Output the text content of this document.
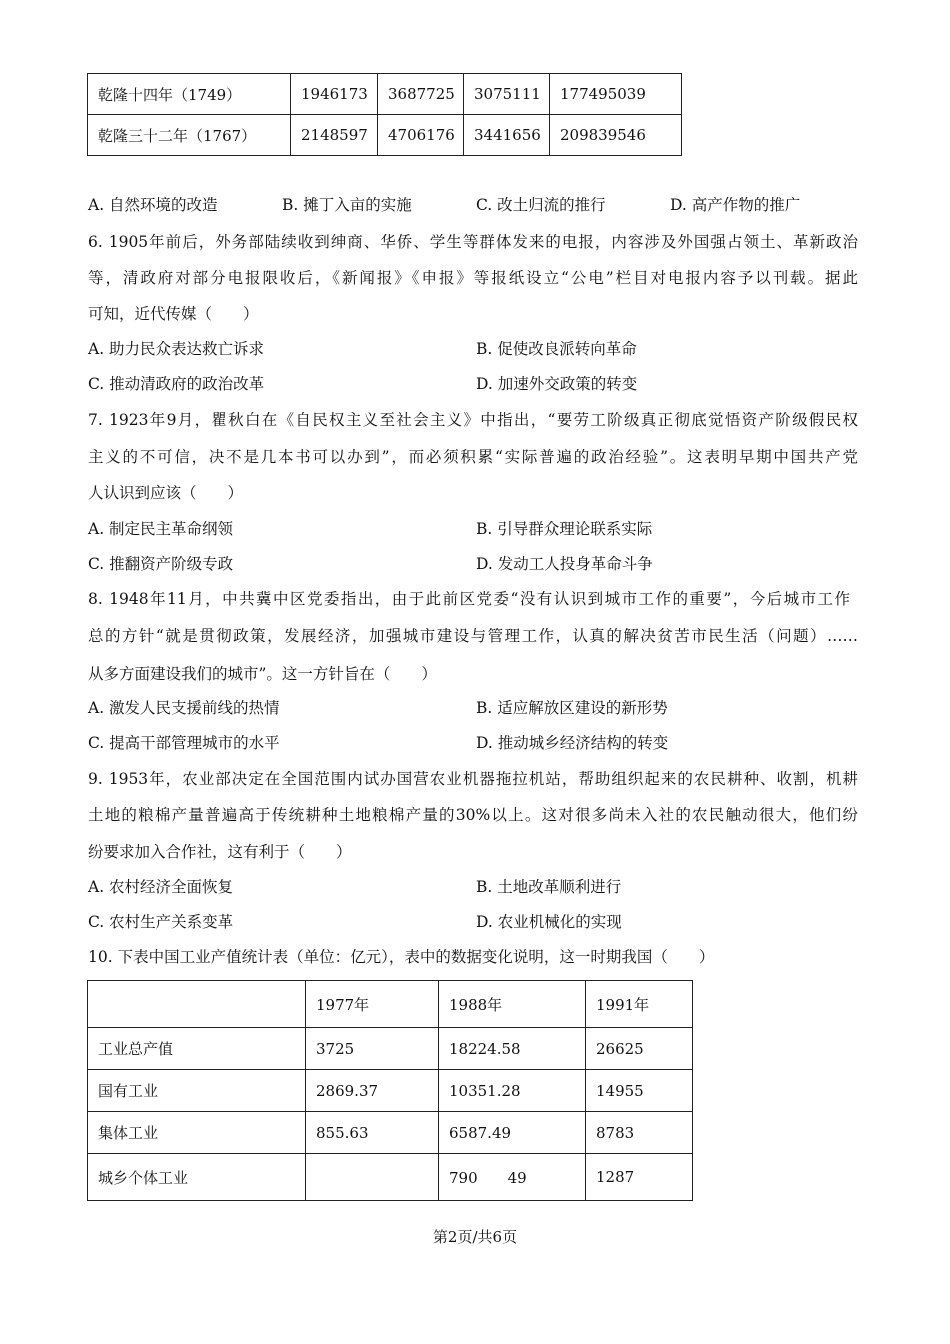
乾隆十四年（1749）	1946173	3687725	3075111	177495039
乾隆三十二年（1767）	2148597	4706176	3441656	209839546
A. 自然环境的改造	B. 摊丁入亩的实施	C. 改土归流的推行	D. 高产作物的推广
6. 1905年前后，外务部陆续收到绅商、华侨、学生等群体发来的电报，内容涉及外国强占领土、革新政治
等，清政府对部分电报限收后，《新闻报》《申报》等报纸设立“公电”栏目对电报内容予以刊载。据此
可知，近代传媒（　　）
A. 助力民众表达救亡诉求	B. 促使改良派转向革命
C. 推动清政府的政治改革	D. 加速外交政策的转变
7. 1923年9月，瞿秋白在《自民权主义至社会主义》中指出，“要劳工阶级真正彻底觉悟资产阶级假民权
主义的不可信，决不是几本书可以办到”，而必须积累“实际普遍的政治经验”。这表明早期中国共产党
人认识到应该（　　）
A. 制定民主革命纲领	B. 引导群众理论联系实际
C. 推翻资产阶级专政	D. 发动工人投身革命斗争
8. 1948年11月，中共冀中区党委指出，由于此前区党委“没有认识到城市工作的重要”，今后城市工作
总的方针“就是贯彻政策，发展经济，加强城市建设与管理工作，认真的解决贫苦市民生活（问题）……
从多方面建设我们的城市”。这一方针旨在（　　）
A. 激发人民支援前线的热情	B. 适应解放区建设的新形势
C. 提高干部管理城市的水平	D. 推动城乡经济结构的转变
9. 1953年，农业部决定在全国范围内试办国营农业机器拖拉机站，帮助组织起来的农民耕种、收割，机耕
土地的粮棉产量普遍高于传统耕种土地粮棉产量的30%以上。这对很多尚未入社的农民触动很大，他们纷
纷要求加入合作社，这有利于（　　）
A. 农村经济全面恢复	B. 土地改革顺利进行
C. 农村生产关系变革	D. 农业机械化的实现
10. 下表中国工业产值统计表（单位：亿元），表中的数据变化说明，这一时期我国（　　）
	1977年	1988年	1991年
工业总产值	3725	18224.58	26625
国有工业	2869.37	10351.28	14955
集体工业	855.63	6587.49	8783
城乡个体工业		790　　49	1287
第2页/共6页
